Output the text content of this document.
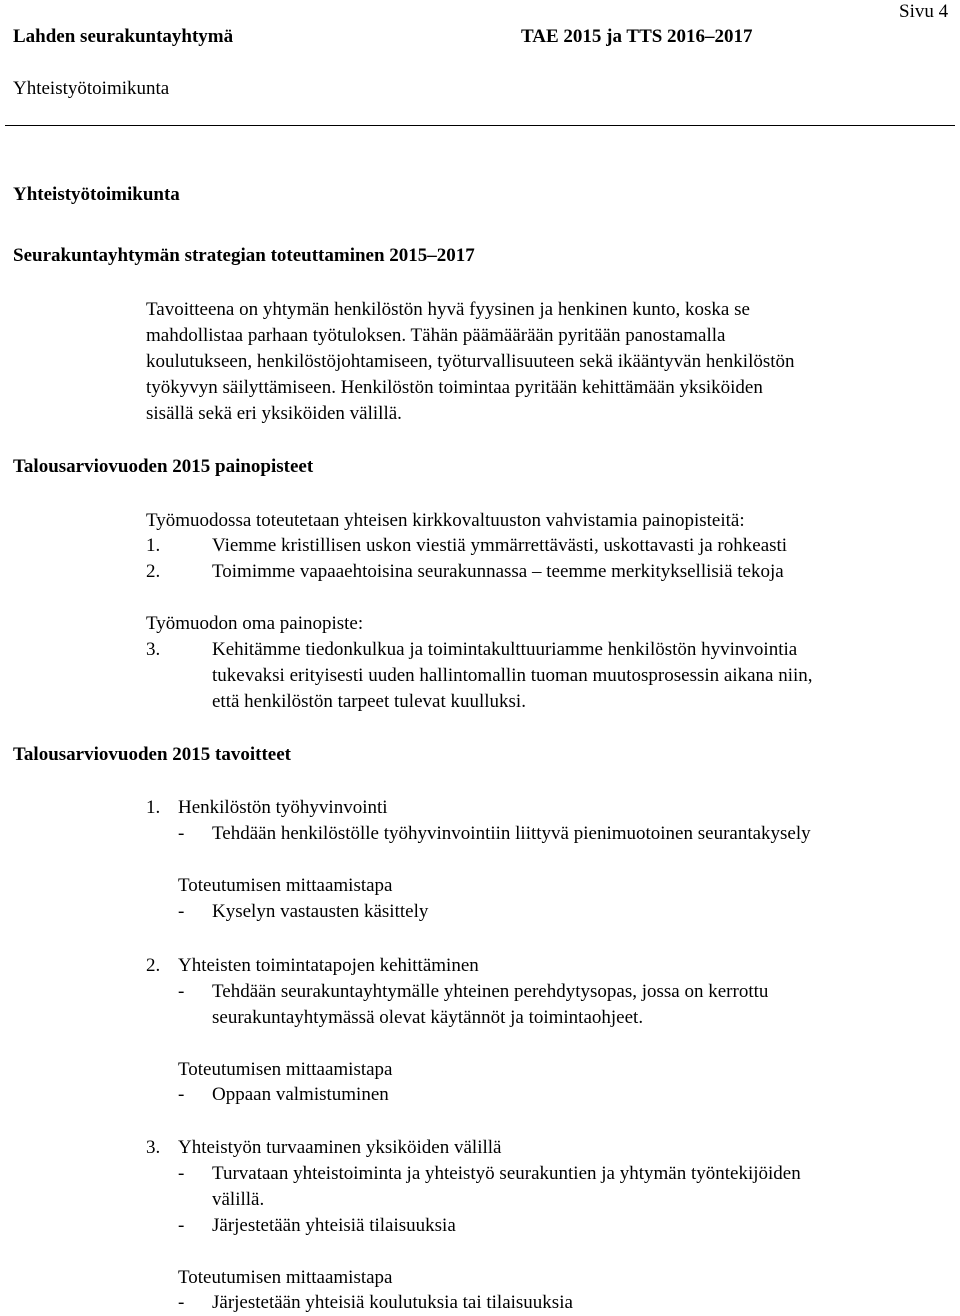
Lahden seurakuntayhtymä	TAE 2015 ja TTS 2016–2017
Sivu 4
Yhteistyötoimikunta
Yhteistyötoimikunta
Seurakuntayhtymän strategian toteuttaminen 2015–2017
Tavoitteena on yhtymän henkilöstön hyvä fyysinen ja henkinen kunto, koska se
mahdollistaa parhaan työtuloksen. Tähän päämäärään pyritään panostamalla
koulutukseen, henkilöstöjohtamiseen, työturvallisuuteen sekä ikääntyvän henkilöstön
työkyvyn säilyttämiseen. Henkilöstön toimintaa pyritään kehittämään yksiköiden
sisällä sekä eri yksiköiden välillä.
Talousarviovuoden 2015 painopisteet
Työmuodossa toteutetaan yhteisen kirkkovaltuuston vahvistamia painopisteitä:
1.	Viemme kristillisen uskon viestiä ymmärrettävästi, uskottavasti ja rohkeasti
2.	Toimimme vapaaehtoisina seurakunnassa – teemme merkityksellisiä tekoja
Työmuodon oma painopiste:
3.	Kehitämme tiedonkulkua ja toimintakulttuuriamme henkilöstön hyvinvointia
tukevaksi erityisesti uuden hallintomallin tuoman muutosprosessin aikana niin,
että henkilöstön tarpeet tulevat kuulluksi.
Talousarviovuoden 2015 tavoitteet
1. Henkilöstön työhyvinvointi
- Tehdään henkilöstölle työhyvinvointiin liittyvä pienimuotoinen seurantakysely
Toteutumisen mittaamistapa
- Kyselyn vastausten käsittely
2. Yhteisten toimintatapojen kehittäminen
- Tehdään seurakuntayhtymälle yhteinen perehdytysopas, jossa on kerrottu
seurakuntayhtymässä olevat käytännöt ja toimintaohjeet.
Toteutumisen mittaamistapa
- Oppaan valmistuminen
3. Yhteistyön turvaaminen yksiköiden välillä
- Turvataan yhteistoiminta ja yhteistyö seurakuntien ja yhtymän työntekijöiden
välillä.
- Järjestetään yhteisiä tilaisuuksia
Toteutumisen mittaamistapa
- Järjestetään yhteisiä koulutuksia tai tilaisuuksia
